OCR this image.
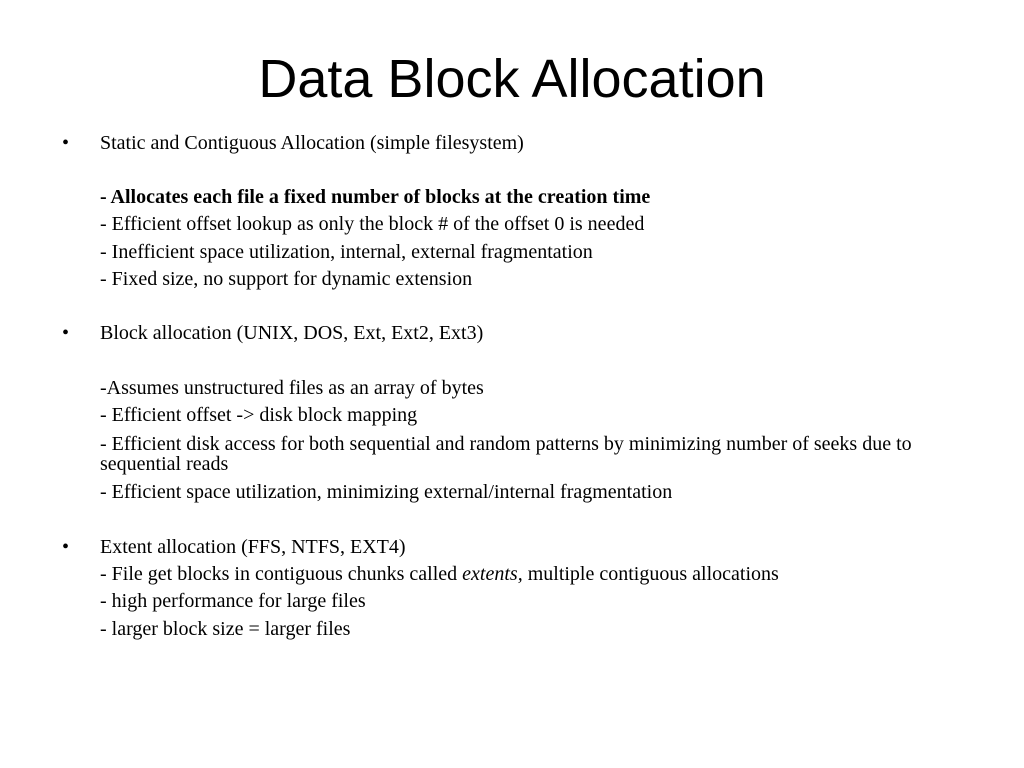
Data Block Allocation
•	Static and Contiguous Allocation (simple filesystem)
- Allocates each file a fixed number of blocks at the creation time
- Efficient offset lookup as only the block # of the offset 0 is needed
- Inefficient space utilization, internal, external fragmentation
- Fixed size, no support for dynamic extension
•	Block allocation (UNIX, DOS, Ext, Ext2, Ext3)
-Assumes unstructured files as an array of bytes
- Efficient offset -> disk block mapping
- Efficient disk access for both sequential and random patterns by minimizing number of seeks due to sequential reads
- Efficient space utilization, minimizing external/internal fragmentation
•	Extent allocation (FFS, NTFS, EXT4)
- File get blocks in contiguous chunks called extents, multiple contiguous allocations
- high performance for large files
- larger block size = larger files
